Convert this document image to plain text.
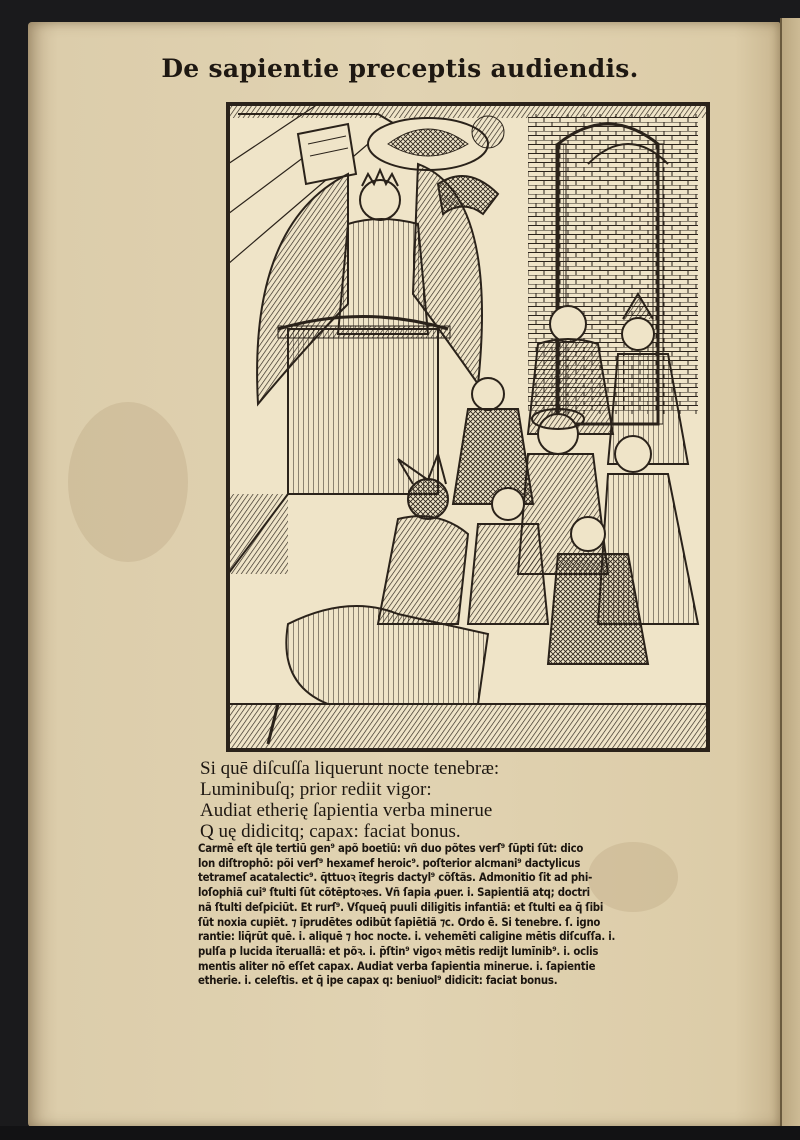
De sapientie preceptis audiendis.
Si quē diſcuſſa liquerunt nocte tenebræ:
Luminibuſq; prior rediit vigor:
Audiat etherię ſapientia verba minerue
Q uę didicitq; capax: faciat bonus.
Carmē eſt q̄le tertiū gen⁹ apõ boetiū: vñ duo põtes verſ⁹ ſūpti ſūt: dico
lon diſtrophō: põi verſ⁹ hexamef heroic⁹. poſterior alcmani⁹ dactylicus
tetrameſ acatalectic⁹. q̄ttuoꝛ ītegris dactyl⁹ cõſtãs. Admonitio ſit ad phi-
loſophiã cui⁹ ſtulti ſūt cõtēptoꝛes. Vñ ſapia ꝓuer. i. Sapientiã atq; doctri
nã ſtulti deſpiciūt. Et rurſ⁹. Vſqueq̄ puuli diligitis infantiã: et ſtulti ea q̄ ſibi
ſūt noxia cupiēt. ⁊ īprudētes odibūt ſapiētiã ⁊c. Ordo ē. Si tenebre. ſ. igno
rantie: liq̄rūt quē. i. aliquē ⁊ hoc nocte. i. vehemēti caligine mētis diſcuſſa. i.
pulſa p lucida īteruallã: et põꝛ. i. p̄ſtin⁹ vigoꝛ mētis redijt lumīnib⁹. i. oclis
mentis aliter nõ eſſet capax. Audiat verba ſapientia minerue. i. ſapientie
etherie. i. celeſtis. et q̄ ipe capax q: beniuol⁹ didicit: faciat bonus.
